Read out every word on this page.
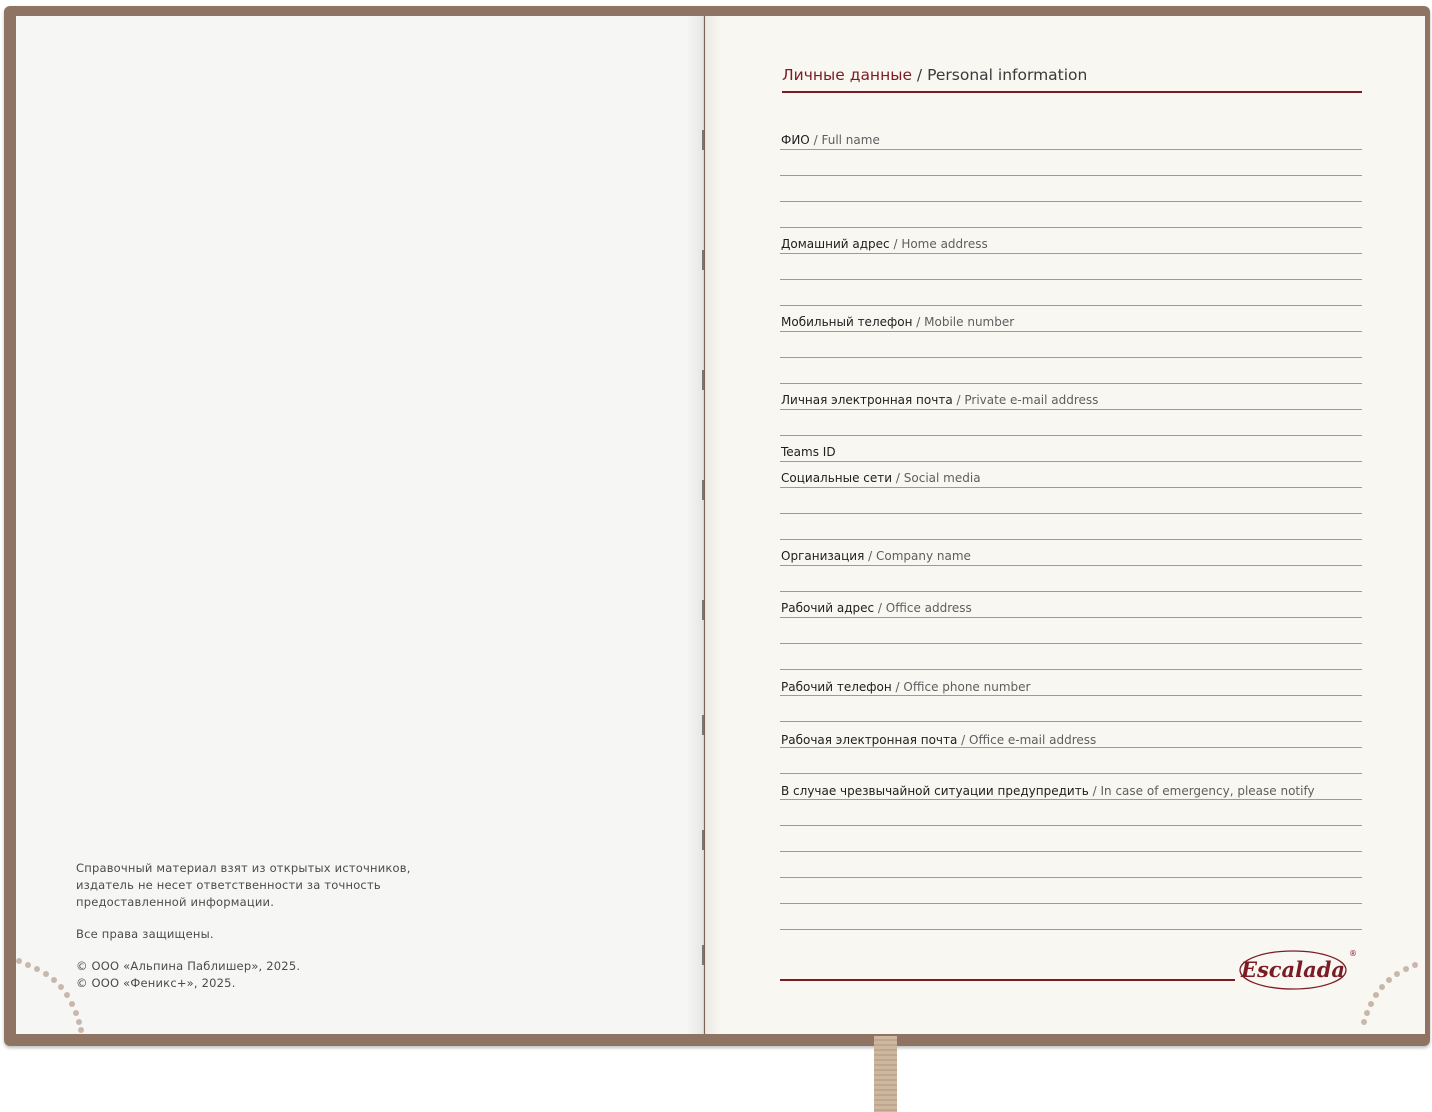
Справочный материал взят из открытых источников,

издатель не несет ответственности за точность

предоставленной информации.

Все права защищены.

© ООО «Альпина Паблишер», 2025.

© ООО «Феникс+», 2025.

Личные данные / Personal information
ФИО / Full name
Домашний адрес / Home address
Мобильный телефон / Mobile number
Личная электронная почта / Private e-mail address
Teams ID
Социальные сети / Social media
Организация / Company name
Рабочий адрес / Office address
Рабочий телефон / Office phone number
Рабочая электронная почта / Office e-mail address
В случае чрезвычайной ситуации предупредить / In case of emergency, please notify
Escalada
®
